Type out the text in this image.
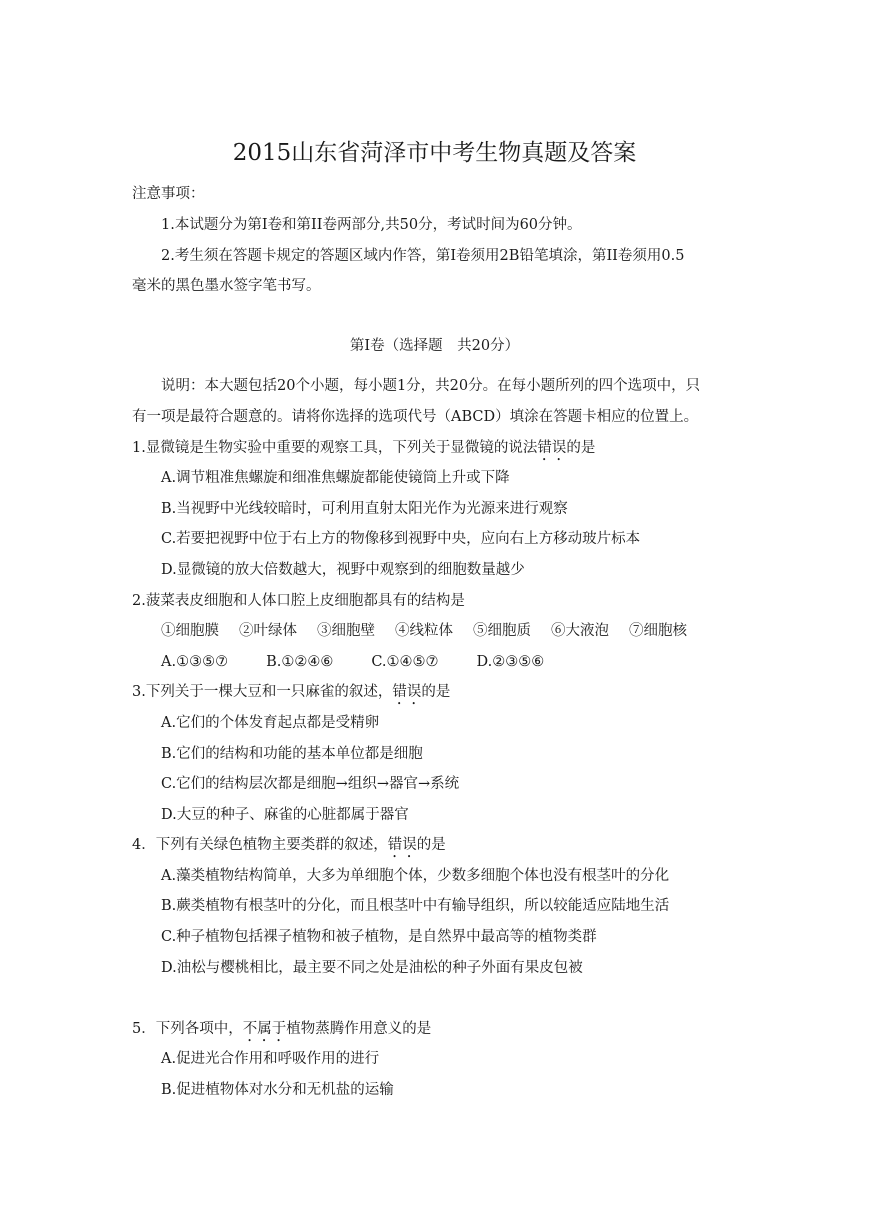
2015山东省菏泽市中考生物真题及答案
注意事项：
1.本试题分为第Ⅰ卷和第II卷两部分,共50分，考试时间为60分钟。
2.考生须在答题卡规定的答题区域内作答，第Ⅰ卷须用2B铅笔填涂，第II卷须用0.5
毫米的黑色墨水签字笔书写。
第Ⅰ卷（选择题　共20分）
说明：本大题包括20个小题，每小题1分，共20分。在每小题所列的四个选项中，只
有一项是最符合题意的。请将你选择的选项代号（ABCD）填涂在答题卡相应的位置上。
1.显微镜是生物实验中重要的观察工具，下列关于显微镜的说法错误的是
A.调节粗准焦螺旋和细准焦螺旋都能使镜筒上升或下降
B.当视野中光线较暗时，可利用直射太阳光作为光源来进行观察
C.若要把视野中位于右上方的物像移到视野中央，应向右上方移动玻片标本
D.显微镜的放大倍数越大，视野中观察到的细胞数量越少
2.菠菜表皮细胞和人体口腔上皮细胞都具有的结构是
①细胞膜 ②叶绿体 ③细胞壁 ④线粒体 ⑤细胞质 ⑥大液泡 ⑦细胞核
A.①③⑤⑦	B.①②④⑥	C.①④⑤⑦	D.②③⑤⑥
3.下列关于一棵大豆和一只麻雀的叙述，错误的是
A.它们的个体发育起点都是受精卵
B.它们的结构和功能的基本单位都是细胞
C.它们的结构层次都是细胞→组织→器官→系统
D.大豆的种子、麻雀的心脏都属于器官
4．下列有关绿色植物主要类群的叙述，错误的是
A.藻类植物结构简单，大多为单细胞个体，少数多细胞个体也没有根茎叶的分化
B.蕨类植物有根茎叶的分化，而且根茎叶中有输导组织，所以较能适应陆地生活
C.种子植物包括裸子植物和被子植物，是自然界中最高等的植物类群
D.油松与樱桃相比，最主要不同之处是油松的种子外面有果皮包被
5．下列各项中，不属于植物蒸腾作用意义的是
A.促进光合作用和呼吸作用的进行
B.促进植物体对水分和无机盐的运输
